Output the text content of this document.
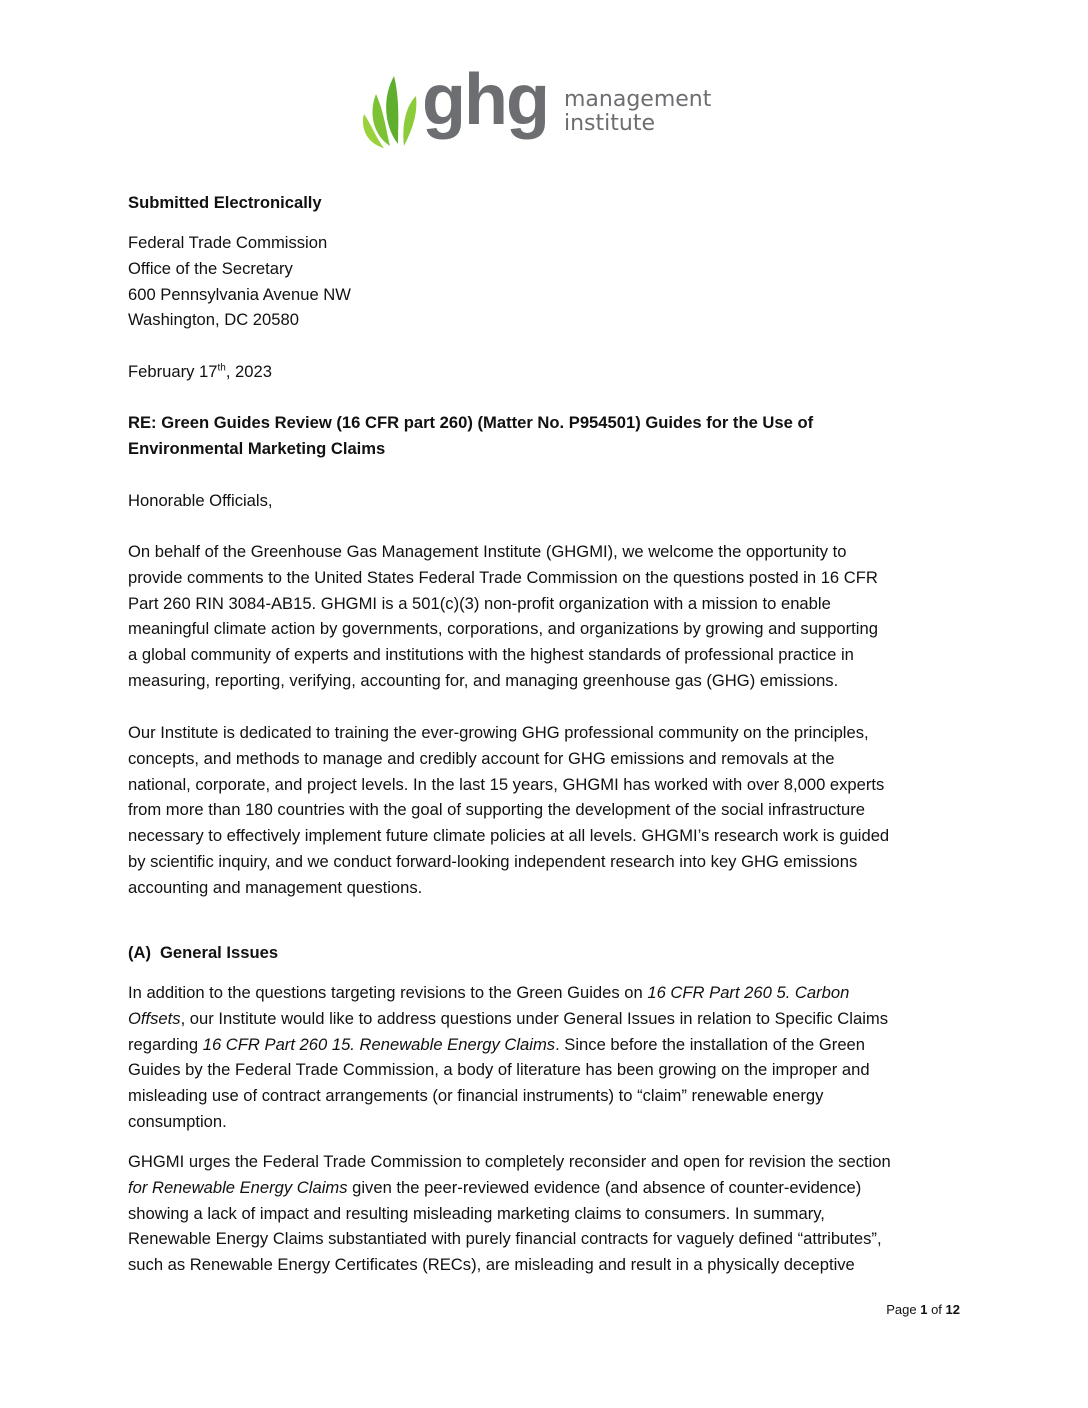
ghg management
institute
Submitted Electronically
Federal Trade Commission
Office of the Secretary
600 Pennsylvania Avenue NW
Washington, DC 20580
February 17th, 2023
RE: Green Guides Review (16 CFR part 260) (Matter No. P954501) Guides for the Use of
Environmental Marketing Claims
Honorable Officials,
On behalf of the Greenhouse Gas Management Institute (GHGMI), we welcome the opportunity to
provide comments to the United States Federal Trade Commission on the questions posted in 16 CFR
Part 260 RIN 3084-AB15. GHGMI is a 501(c)(3) non-profit organization with a mission to enable
meaningful climate action by governments, corporations, and organizations by growing and supporting
a global community of experts and institutions with the highest standards of professional practice in
measuring, reporting, verifying, accounting for, and managing greenhouse gas (GHG) emissions.
Our Institute is dedicated to training the ever-growing GHG professional community on the principles,
concepts, and methods to manage and credibly account for GHG emissions and removals at the
national, corporate, and project levels. In the last 15 years, GHGMI has worked with over 8,000 experts
from more than 180 countries with the goal of supporting the development of the social infrastructure
necessary to effectively implement future climate policies at all levels. GHGMI’s research work is guided
by scientific inquiry, and we conduct forward-looking independent research into key GHG emissions
accounting and management questions.
(A) General Issues
In addition to the questions targeting revisions to the Green Guides on 16 CFR Part 260 5. Carbon
Offsets, our Institute would like to address questions under General Issues in relation to Specific Claims
regarding 16 CFR Part 260 15. Renewable Energy Claims. Since before the installation of the Green
Guides by the Federal Trade Commission, a body of literature has been growing on the improper and
misleading use of contract arrangements (or financial instruments) to “claim” renewable energy
consumption.
GHGMI urges the Federal Trade Commission to completely reconsider and open for revision the section
for Renewable Energy Claims given the peer-reviewed evidence (and absence of counter-evidence)
showing a lack of impact and resulting misleading marketing claims to consumers. In summary,
Renewable Energy Claims substantiated with purely financial contracts for vaguely defined “attributes”,
such as Renewable Energy Certificates (RECs), are misleading and result in a physically deceptive
Page 1 of 12
